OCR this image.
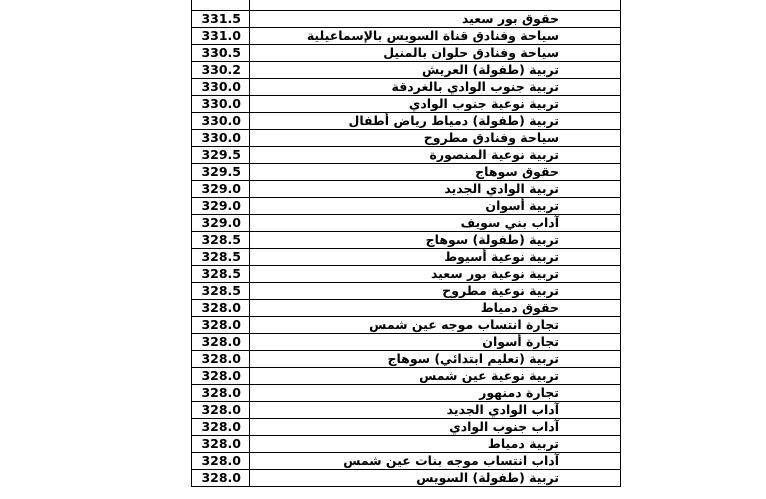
331.5	حقوق بور سعيد
331.0	سياحة وفنادق قناة السويس بالإسماعيلية
330.5	سياحة وفنادق حلوان بالمنيل
330.2	تربية (طفولة) العريش
330.0	تربية جنوب الوادي بالغردقة
330.0	تربية نوعية جنوب الوادي
330.0	تربية (طفولة) دمياط رياض أطفال
330.0	سياحة وفنادق مطروح
329.5	تربية نوعية المنصورة
329.5	حقوق سوهاج
329.0	تربية الوادي الجديد
329.0	تربية أسوان
329.0	آداب بني سويف
328.5	تربية (طفولة) سوهاج
328.5	تربية نوعية أسيوط
328.5	تربية نوعية بور سعيد
328.5	تربية نوعية مطروح
328.0	حقوق دمياط
328.0	تجارة انتساب موجه عين شمس
328.0	تجارة أسوان
328.0	تربية (تعليم ابتدائي) سوهاج
328.0	تربية نوعية عين شمس
328.0	تجارة دمنهور
328.0	آداب الوادي الجديد
328.0	آداب جنوب الوادي
328.0	تربية دمياط
328.0	آداب انتساب موجه بنات عين شمس
328.0	تربية (طفولة) السويس
